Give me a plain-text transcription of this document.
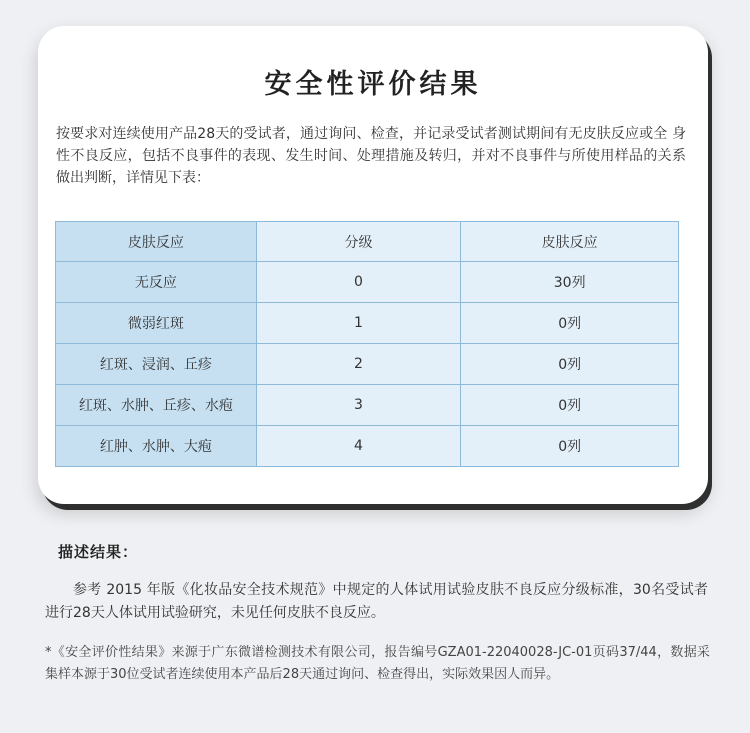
安全性评价结果
按要求对连续使用产品28天的受试者，通过询问、检查，并记录受试者测试期间有无皮肤反应或全 身性不良反应，包括不良事件的表现、发生时间、处理措施及转归，并对不良事件与所使用样品的关系 做出判断，详情见下表：
皮肤反应	分级	皮肤反应
无反应	0	30列
微弱红斑	1	0列
红斑、浸润、丘疹	2	0列
红斑、水肿、丘疹、水疱	3	0列
红肿、水肿、大疱	4	0列
描述结果：
参考 2015 年版《化妆品安全技术规范》中规定的人体试用试验皮肤不良反应分级标准，30名受试者进行28天人体试用试验研究，未见任何皮肤不良反应。
*《安全评价性结果》来源于广东微谱检测技术有限公司，报告编号GZA01-22040028-JC-01页码37/44，数据采集样本源于30位受试者连续使用本产品后28天通过询问、检查得出，实际效果因人而异。
